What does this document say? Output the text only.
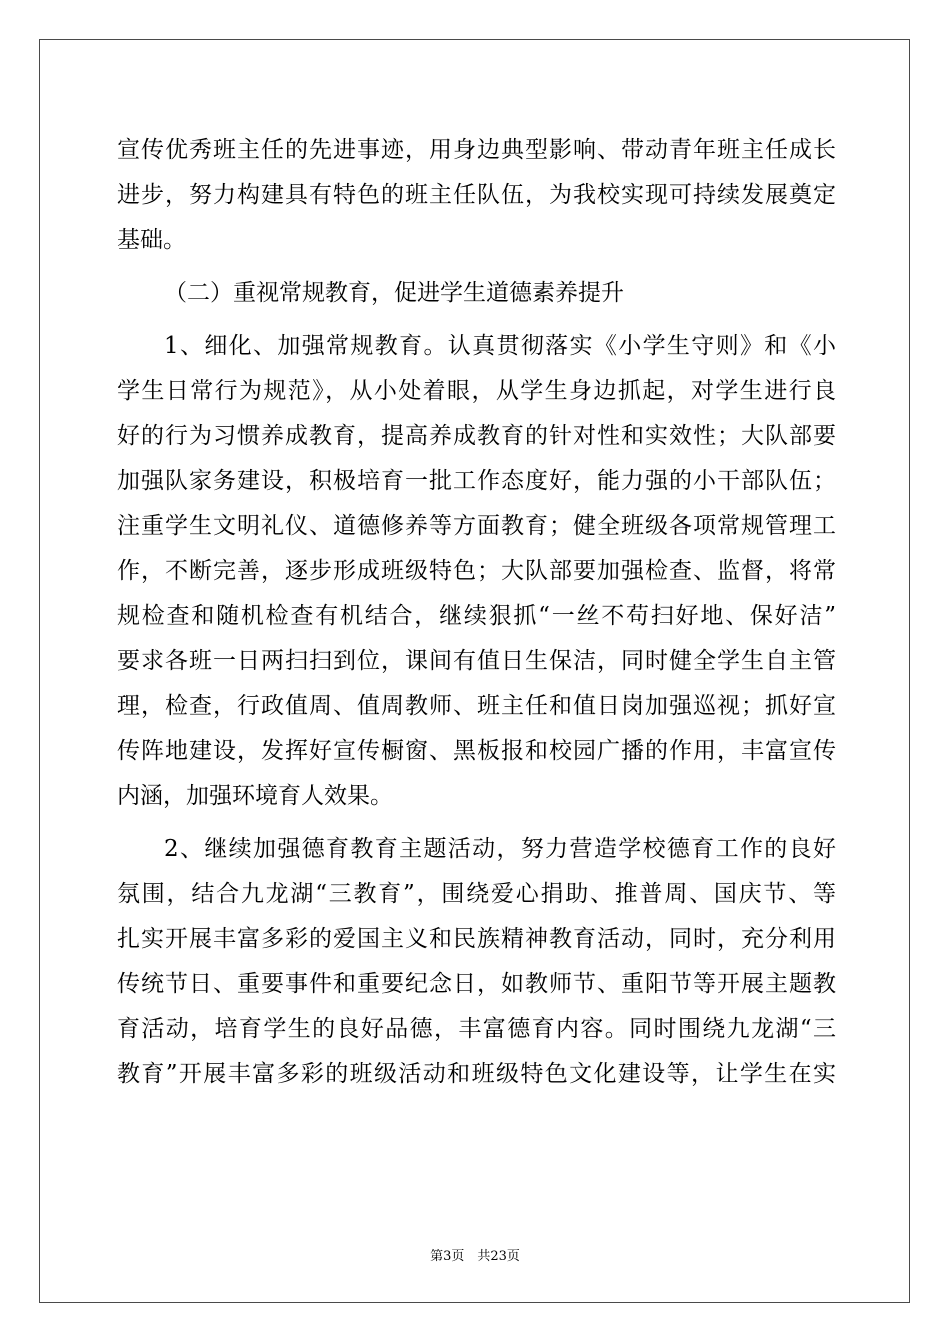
宣传优秀班主任的先进事迹，用身边典型影响、带动青年班主任成长

进步，努力构建具有特色的班主任队伍，为我校实现可持续发展奠定

基础。

（二）重视常规教育，促进学生道德素养提升

1、细化、加强常规教育。认真贯彻落实《小学生守则》和《小

学生日常行为规范》，从小处着眼，从学生身边抓起，对学生进行良

好的行为习惯养成教育，提高养成教育的针对性和实效性；大队部要

加强队家务建设，积极培育一批工作态度好，能力强的小干部队伍；

注重学生文明礼仪、道德修养等方面教育；健全班级各项常规管理工

作，不断完善，逐步形成班级特色；大队部要加强检查、监督，将常

规检查和随机检查有机结合，继续狠抓“一丝不苟扫好地、保好洁”

要求各班一日两扫扫到位，课间有值日生保洁，同时健全学生自主管

理，检查，行政值周、值周教师、班主任和值日岗加强巡视；抓好宣

传阵地建设，发挥好宣传橱窗、黑板报和校园广播的作用，丰富宣传

内涵，加强环境育人效果。

2、继续加强德育教育主题活动，努力营造学校德育工作的良好

氛围，结合九龙湖“三教育”，围绕爱心捐助、推普周、国庆节、等

扎实开展丰富多彩的爱国主义和民族精神教育活动，同时，充分利用

传统节日、重要事件和重要纪念日，如教师节、重阳节等开展主题教

育活动，培育学生的良好品德，丰富德育内容。同时围绕九龙湖“三

教育”开展丰富多彩的班级活动和班级特色文化建设等，让学生在实

第3页　共23页
